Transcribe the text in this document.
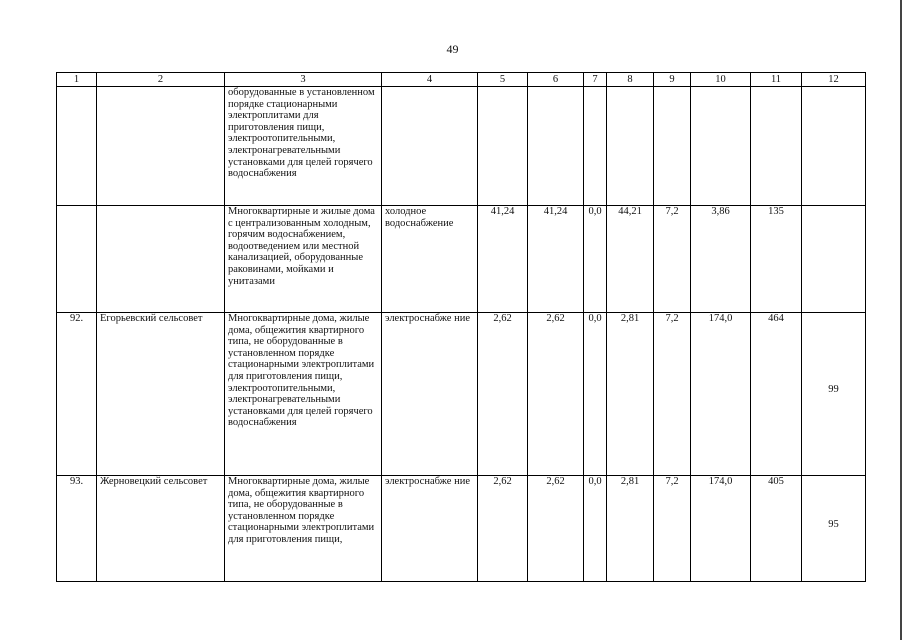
49
1	2	3	4	5	6	7	8	9	10	11	12
		оборудованные в установленном порядке стационарными электроплитами для приготовления пищи, электроотопительными, электронагревательными установками для целей горячего водоснабжения									
		Многоквартирные и жилые дома с централизованным холодным, горячим водоснабжением, водоотведением или местной канализацией, оборудованные раковинами, мойками и унитазами	холодное водоснабжение	41,24	41,24	0,0	44,21	7,2	3,86	135	
92.	Егорьевский сельсовет	Многоквартирные дома, жилые дома, общежития квартирного типа, не оборудованные в установленном порядке стационарными электроплитами для приготовления пищи, электроотопительными, электронагревательными установками для целей горячего водоснабжения	электроснабже ние	2,62	2,62	0,0	2,81	7,2	174,0	464	99
93.	Жерновецкий сельсовет	Многоквартирные дома, жилые дома, общежития квартирного типа, не оборудованные в установленном порядке стационарными электроплитами для приготовления пищи,	электроснабже ние	2,62	2,62	0,0	2,81	7,2	174,0	405	95
